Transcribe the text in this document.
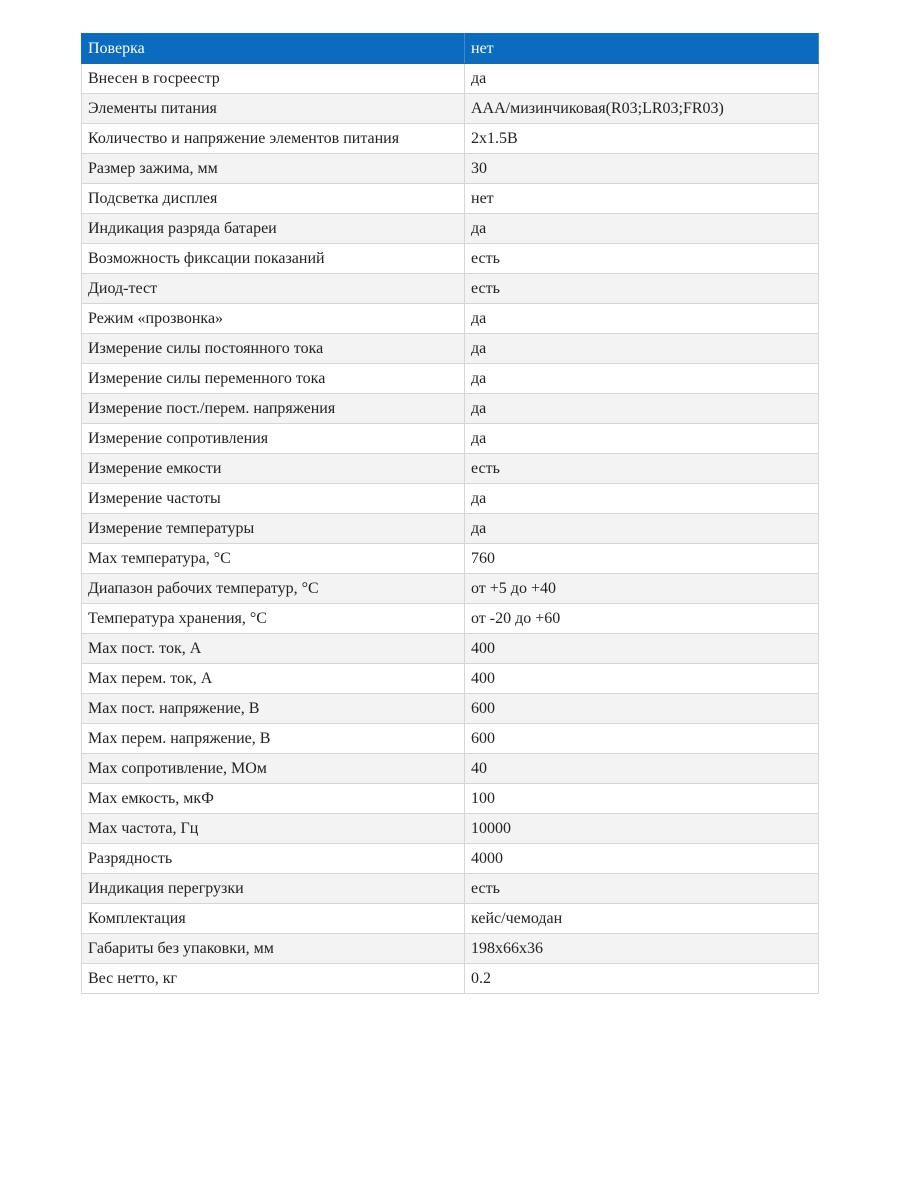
Поверка	нет
Внесен в госреестр	да
Элементы питания	AAA/мизинчиковая(R03;LR03;FR03)
Количество и напряжение элементов питания	2x1.5В
Размер зажима, мм	30
Подсветка дисплея	нет
Индикация разряда батареи	да
Возможность фиксации показаний	есть
Диод-тест	есть
Режим «прозвонка»	да
Измерение силы постоянного тока	да
Измерение силы переменного тока	да
Измерение пост./перем. напряжения	да
Измерение сопротивления	да
Измерение емкости	есть
Измерение частоты	да
Измерение температуры	да
Max температура, °C	760
Диапазон рабочих температур, °C	от +5 до +40
Температура хранения, °C	от -20 до +60
Max пост. ток, А	400
Max перем. ток, А	400
Max пост. напряжение, В	600
Max перем. напряжение, В	600
Max сопротивление, МОм	40
Max емкость, мкФ	100
Max частота, Гц	10000
Разрядность	4000
Индикация перегрузки	есть
Комплектация	кейс/чемодан
Габариты без упаковки, мм	198x66x36
Вес нетто, кг	0.2
